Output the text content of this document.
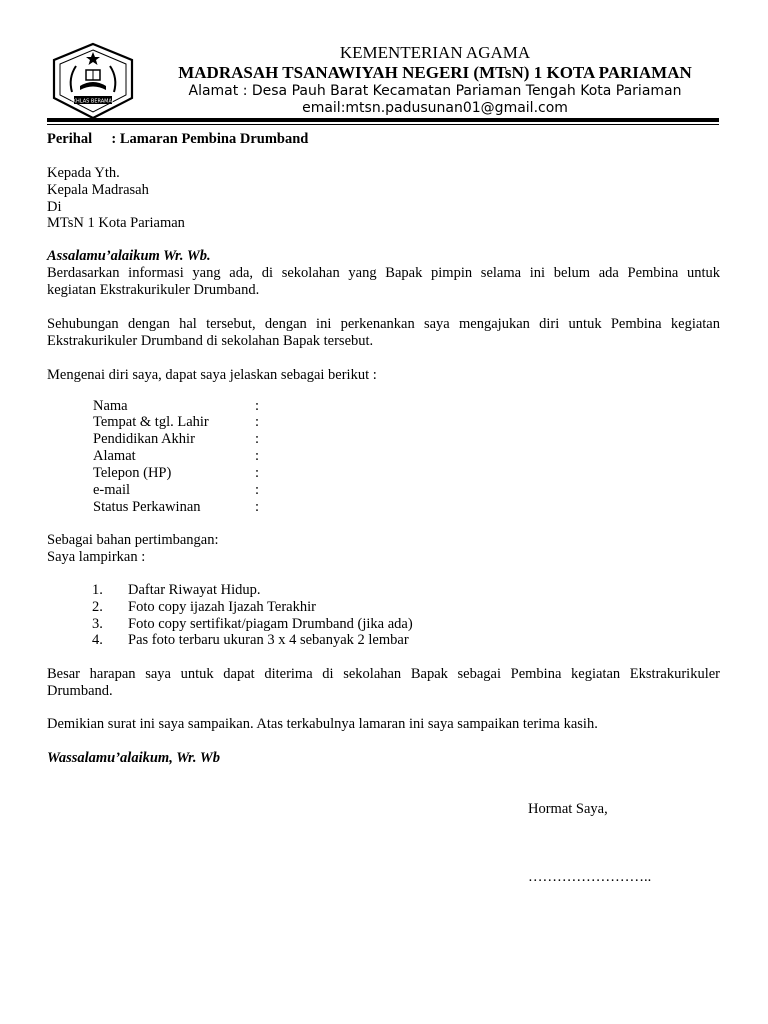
IKHLAS BERAMAL
KEMENTERIAN AGAMA
MADRASAH TSANAWIYAH NEGERI (MTsN) 1 KOTA PARIAMAN
Alamat : Desa Pauh Barat Kecamatan Pariaman Tengah Kota Pariaman
email:mtsn.padusunan01@gmail.com
Perihal : Lamaran Pembina Drumband
Kepada Yth.
Kepala Madrasah
Di
MTsN 1 Kota Pariaman
Assalamu’alaikum Wr. Wb.
Berdasarkan informasi yang ada, di sekolahan yang Bapak pimpin selama ini belum ada Pembina untuk
kegiatan Ekstrakurikuler Drumband.
Sehubungan dengan hal tersebut, dengan ini perkenankan saya mengajukan diri untuk Pembina kegiatan
Ekstrakurikuler Drumband di sekolahan Bapak tersebut.
Mengenai diri saya, dapat saya jelaskan sebagai berikut :
Nama	:
Tempat & tgl. Lahir	:
Pendidikan Akhir	:
Alamat	:
Telepon (HP)	:
e-mail	:
Status Perkawinan	:
Sebagai bahan pertimbangan:
Saya lampirkan :
1. Daftar Riwayat Hidup.
2. Foto copy ijazah Ijazah Terakhir
3. Foto copy sertifikat/piagam Drumband (jika ada)
4. Pas foto terbaru ukuran 3 x 4 sebanyak 2 lembar
Besar harapan saya untuk dapat diterima di sekolahan Bapak sebagai Pembina kegiatan Ekstrakurikuler
Drumband.
Demikian surat ini saya sampaikan. Atas terkabulnya lamaran ini saya sampaikan terima kasih.
Wassalamu’alaikum, Wr. Wb
Hormat Saya,
……………………..
